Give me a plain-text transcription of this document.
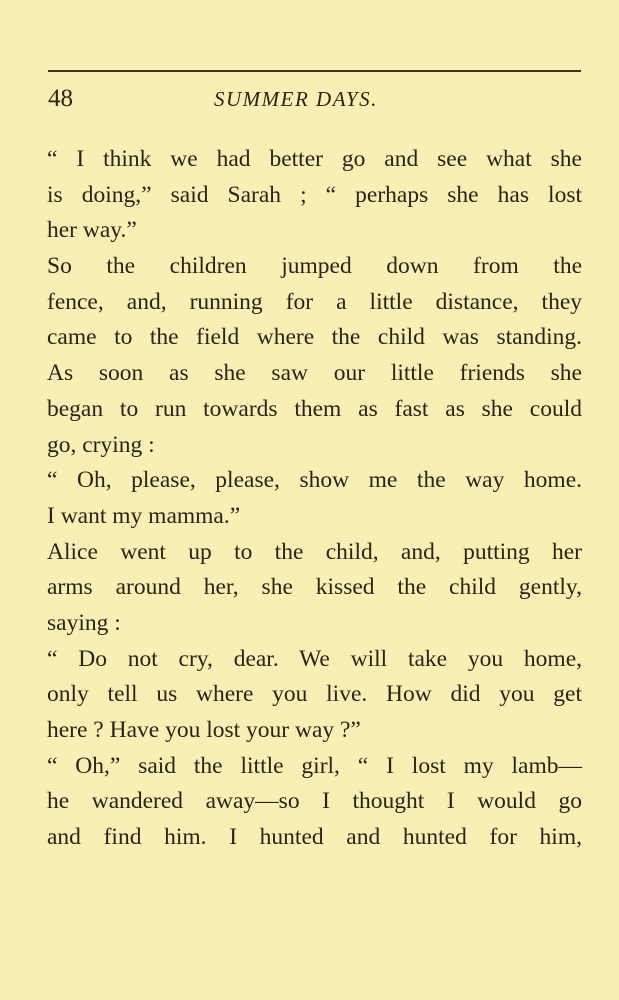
48	SUMMER DAYS.
“ I think we had better go and see what she
is doing,” said Sarah ; “ perhaps she has lost
her way.”
So the children jumped down from the
fence, and, running for a little distance, they
came to the field where the child was standing.
As soon as she saw our little friends she
began to run towards them as fast as she could
go, crying :
“ Oh, please, please, show me the way home.
I want my mamma.”
Alice went up to the child, and, putting her
arms around her, she kissed the child gently,
saying :
“ Do not cry, dear. We will take you home,
only tell us where you live. How did you get
here ? Have you lost your way ?”
“ Oh,” said the little girl, “ I lost my lamb—
he wandered away—so I thought I would go
and find him. I hunted and hunted for him,
